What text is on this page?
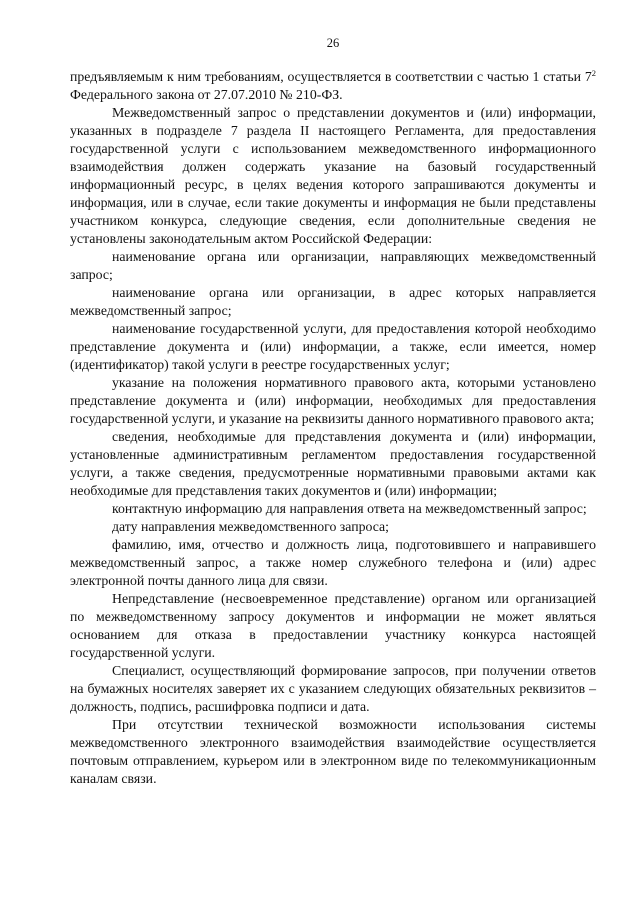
26

предъявляемым к ним требованиям, осуществляется в соответствии с частью 1 статьи $7^2$ Федерального закона от 27.07.2010 № 210-ФЗ.

Межведомственный запрос о представлении документов и (или) информации, указанных в подразделе 7 раздела II настоящего Регламента, для предоставления государственной услуги с использованием межведомственного информационного взаимодействия должен содержать указание на базовый государственный информационный ресурс, в целях ведения которого запрашиваются документы и информация, или в случае, если такие документы и информация не были представлены участником конкурса, следующие сведения, если дополнительные сведения не установлены законодательным актом Российской Федерации:

наименование органа или организации, направляющих межведомственный запрос;

наименование органа или организации, в адрес которых направляется межведомственный запрос;

наименование государственной услуги, для предоставления которой необходимо представление документа и (или) информации, а также, если имеется, номер (идентификатор) такой услуги в реестре государственных услуг;

указание на положения нормативного правового акта, которыми установлено представление документа и (или) информации, необходимых для предоставления государственной услуги, и указание на реквизиты данного нормативного правового акта;

сведения, необходимые для представления документа и (или) информации, установленные административным регламентом предоставления государственной услуги, а также сведения, предусмотренные нормативными правовыми актами как необходимые для представления таких документов и (или) информации;

контактную информацию для направления ответа на межведомственный запрос;

дату направления межведомственного запроса;

фамилию, имя, отчество и должность лица, подготовившего и направившего межведомственный запрос, а также номер служебного телефона и (или) адрес электронной почты данного лица для связи.

Непредставление (несвоевременное представление) органом или организацией по межведомственному запросу документов и информации не может являться основанием для отказа в предоставлении участнику конкурса настоящей государственной услуги.

Специалист, осуществляющий формирование запросов, при получении ответов на бумажных носителях заверяет их с указанием следующих обязательных реквизитов – должность, подпись, расшифровка подписи и дата.

При отсутствии технической возможности использования системы межведомственного электронного взаимодействия взаимодействие осуществляется почтовым отправлением, курьером или в электронном виде по телекоммуникационным каналам связи.
